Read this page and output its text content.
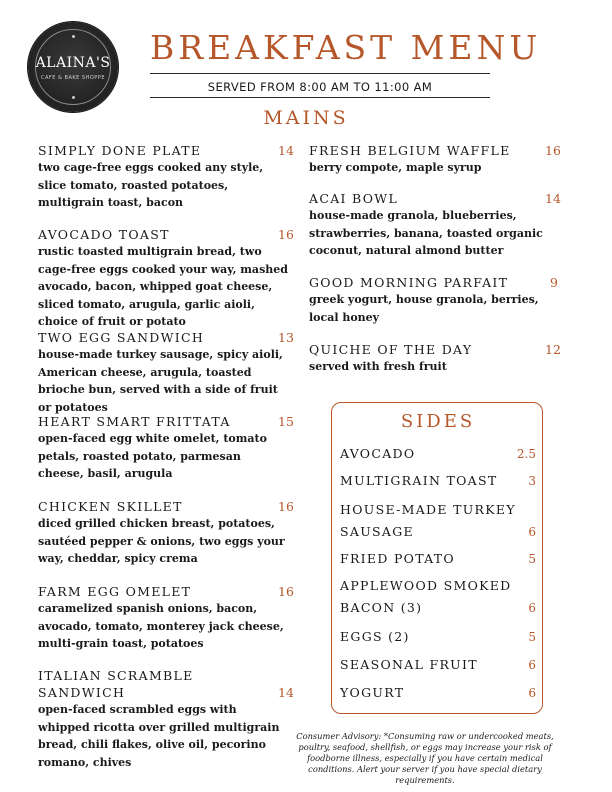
ALAINA'S
CAFE & BAKE SHOPPE
BREAKFAST MENU
SERVED FROM 8:00 AM TO 11:00 AM
MAINS
SIMPLY DONE PLATE	14
two cage-free eggs cooked any style, slice tomato, roasted potatoes, multigrain toast, bacon
AVOCADO TOAST	16
rustic toasted multigrain bread, two cage-free eggs cooked your way, mashed avocado, bacon, whipped goat cheese, sliced tomato, arugula, garlic aioli, choice of fruit or potato
TWO EGG SANDWICH	13
house-made turkey sausage, spicy aioli, American cheese, arugula, toasted brioche bun, served with a side of fruit or potatoes
HEART SMART FRITTATA	15
open-faced egg white omelet, tomato petals, roasted potato, parmesan cheese, basil, arugula
CHICKEN SKILLET	16
diced grilled chicken breast, potatoes, sautéed pepper & onions, two eggs your way, cheddar, spicy crema
FARM EGG OMELET	16
caramelized spanish onions, bacon, avocado, tomato, monterey jack cheese, multi-grain toast, potatoes
ITALIAN SCRAMBLE SANDWICH	14
open-faced scrambled eggs with whipped ricotta over grilled multigrain bread, chili flakes, olive oil, pecorino romano, chives
FRESH BELGIUM WAFFLE	16
berry compote, maple syrup
ACAI BOWL	14
house-made granola, blueberries, strawberries, banana, toasted organic coconut, natural almond butter
GOOD MORNING PARFAIT	9
greek yogurt, house granola, berries, local honey
QUICHE OF THE DAY	12
served with fresh fruit
SIDES
AVOCADO	2.5
MULTIGRAIN TOAST	3
HOUSE-MADE TURKEY SAUSAGE	6
FRIED POTATO	5
APPLEWOOD SMOKED BACON (3)	6
EGGS (2)	5
SEASONAL FRUIT	6
YOGURT	6
Consumer Advisory: *Consuming raw or undercooked meats, poultry, seafood, shellfish, or eggs may increase your risk of foodborne illness, especially if you have certain medical conditions. Alert your server if you have special dietary requirements.
